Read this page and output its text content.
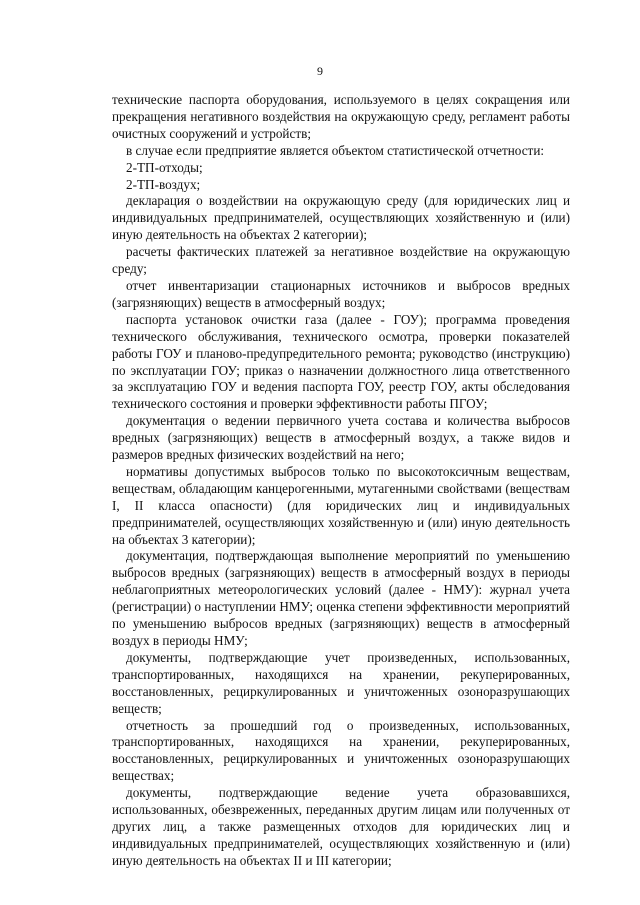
9

технические паспорта оборудования, используемого в целях сокращения или прекращения негативного воздействия на окружающую среду, регламент работы очистных сооружений и устройств;

в случае если предприятие является объектом статистической отчетности:

2-ТП-отходы;

2-ТП-воздух;

декларация о воздействии на окружающую среду (для юридических лиц и индивидуальных предпринимателей, осуществляющих хозяйственную и (или) иную деятельность на объектах 2 категории);

расчеты фактических платежей за негативное воздействие на окружающую среду;

отчет инвентаризации стационарных источников и выбросов вредных (загрязняющих) веществ в атмосферный воздух;

паспорта установок очистки газа (далее - ГОУ); программа проведения технического обслуживания, технического осмотра, проверки показателей работы ГОУ и планово-предупредительного ремонта; руководство (инструкцию) по эксплуатации ГОУ; приказ о назначении должностного лица ответственного за эксплуатацию ГОУ и ведения паспорта ГОУ, реестр ГОУ, акты обследования технического состояния и проверки эффективности работы ПГОУ;

документация о ведении первичного учета состава и количества выбросов вредных (загрязняющих) веществ в атмосферный воздух, а также видов и размеров вредных физических воздействий на него;

нормативы допустимых выбросов только по высокотоксичным веществам, веществам, обладающим канцерогенными, мутагенными свойствами (веществам I, II класса опасности) (для юридических лиц и индивидуальных предпринимателей, осуществляющих хозяйственную и (или) иную деятельность на объектах 3 категории);

документация, подтверждающая выполнение мероприятий по уменьшению выбросов вредных (загрязняющих) веществ в атмосферный воздух в периоды неблагоприятных метеорологических условий (далее - НМУ): журнал учета (регистрации) о наступлении НМУ; оценка степени эффективности мероприятий по уменьшению выбросов вредных (загрязняющих) веществ в атмосферный воздух в периоды НМУ;

документы, подтверждающие учет произведенных, использованных, транспортированных, находящихся на хранении, рекуперированных, восстановленных, рециркулированных и уничтоженных озоноразрушающих веществ;

отчетность за прошедший год о произведенных, использованных, транспортированных, находящихся на хранении, рекуперированных, восстановленных, рециркулированных и уничтоженных озоноразрушающих веществах;

документы, подтверждающие ведение учета образовавшихся, использованных, обезвреженных, переданных другим лицам или полученных от других лиц, а также размещенных отходов для юридических лиц и индивидуальных предпринимателей, осуществляющих хозяйственную и (или) иную деятельность на объектах II и III категории;
